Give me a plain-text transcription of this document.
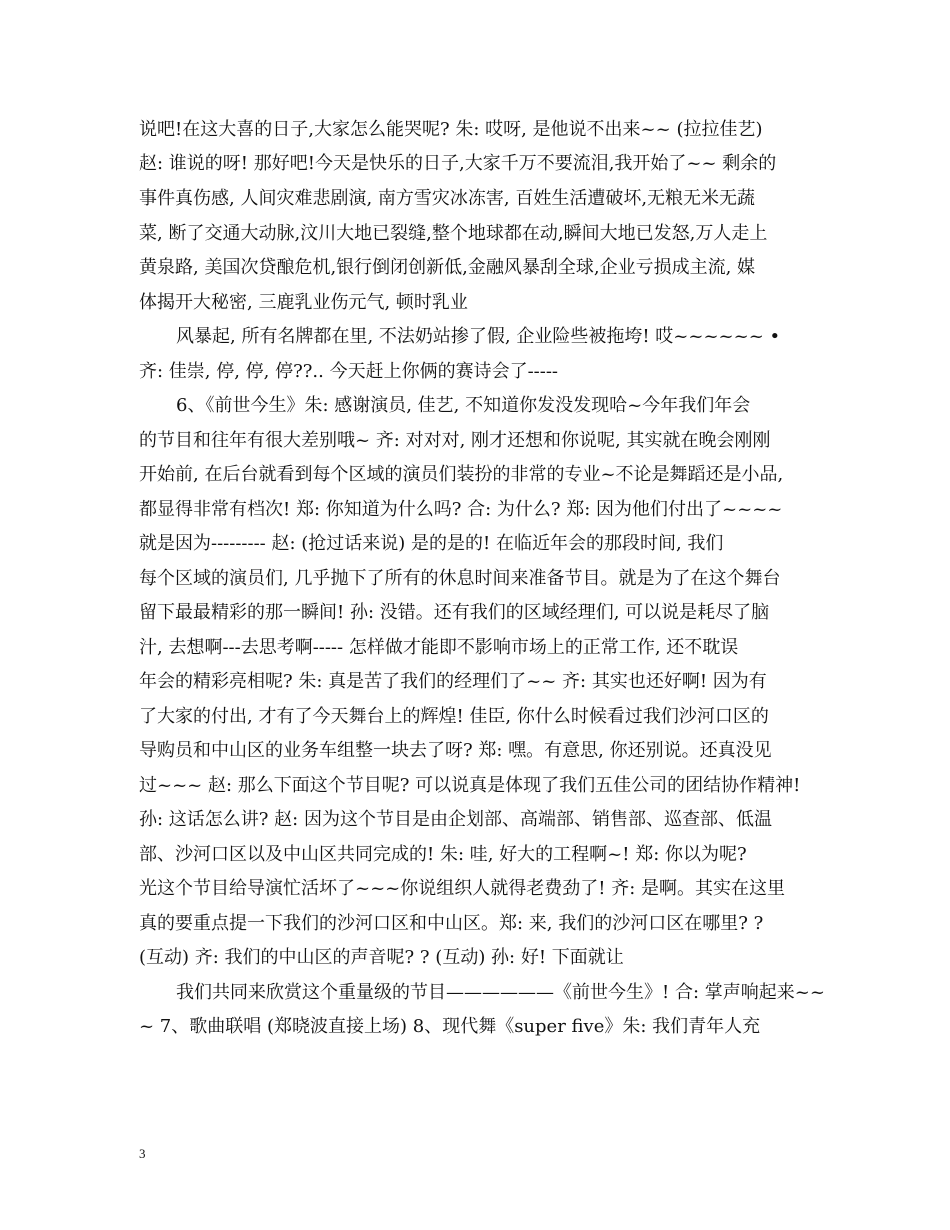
说吧!在这大喜的日子,大家怎么能哭呢? 朱: 哎呀, 是他说不出来~~ (拉拉佳艺)
赵: 谁说的呀! 那好吧!今天是快乐的日子,大家千万不要流泪,我开始了~~ 剩余的
事件真伤感, 人间灾难悲剧演, 南方雪灾冰冻害, 百姓生活遭破坏,无粮无米无蔬
菜, 断了交通大动脉,汶川大地已裂缝,整个地球都在动,瞬间大地已发怒,万人走上
黄泉路, 美国次贷酿危机,银行倒闭创新低,金融风暴刮全球,企业亏损成主流, 媒
体揭开大秘密, 三鹿乳业伤元气, 顿时乳业
风暴起, 所有名牌都在里, 不法奶站掺了假, 企业险些被拖垮! 哎~~~~~~ •
齐: 佳崇, 停, 停, 停??.. 今天赶上你俩的赛诗会了-----
6、《前世今生》朱: 感谢演员, 佳艺, 不知道你发没发现哈~今年我们年会
的节目和往年有很大差别哦~ 齐: 对对对, 刚才还想和你说呢, 其实就在晚会刚刚
开始前, 在后台就看到每个区域的演员们装扮的非常的专业~不论是舞蹈还是小品,
都显得非常有档次! 郑: 你知道为什么吗? 合: 为什么? 郑: 因为他们付出了~~~~
就是因为--------- 赵: (抢过话来说) 是的是的! 在临近年会的那段时间, 我们
每个区域的演员们, 几乎抛下了所有的休息时间来准备节目。就是为了在这个舞台
留下最最精彩的那一瞬间! 孙: 没错。还有我们的区域经理们, 可以说是耗尽了脑
汁, 去想啊---去思考啊----- 怎样做才能即不影响市场上的正常工作, 还不耽误
年会的精彩亮相呢? 朱: 真是苦了我们的经理们了~~ 齐: 其实也还好啊! 因为有
了大家的付出, 才有了今天舞台上的辉煌! 佳臣, 你什么时候看过我们沙河口区的
导购员和中山区的业务车组整一块去了呀? 郑: 嘿。有意思, 你还别说。还真没见
过~~~ 赵: 那么下面这个节目呢? 可以说真是体现了我们五佳公司的团结协作精神!
孙: 这话怎么讲? 赵: 因为这个节目是由企划部、高端部、销售部、巡查部、低温
部、沙河口区以及中山区共同完成的! 朱: 哇, 好大的工程啊~! 郑: 你以为呢?
光这个节目给导演忙活坏了~~~你说组织人就得老费劲了! 齐: 是啊。其实在这里
真的要重点提一下我们的沙河口区和中山区。郑: 来, 我们的沙河口区在哪里? ?
(互动) 齐: 我们的中山区的声音呢? ? (互动) 孙: 好! 下面就让
我们共同来欣赏这个重量级的节目——————《前世今生》! 合: 掌声响起来~~
~ 7、歌曲联唱 (郑晓波直接上场) 8、现代舞《super five》朱: 我们青年人充
3
